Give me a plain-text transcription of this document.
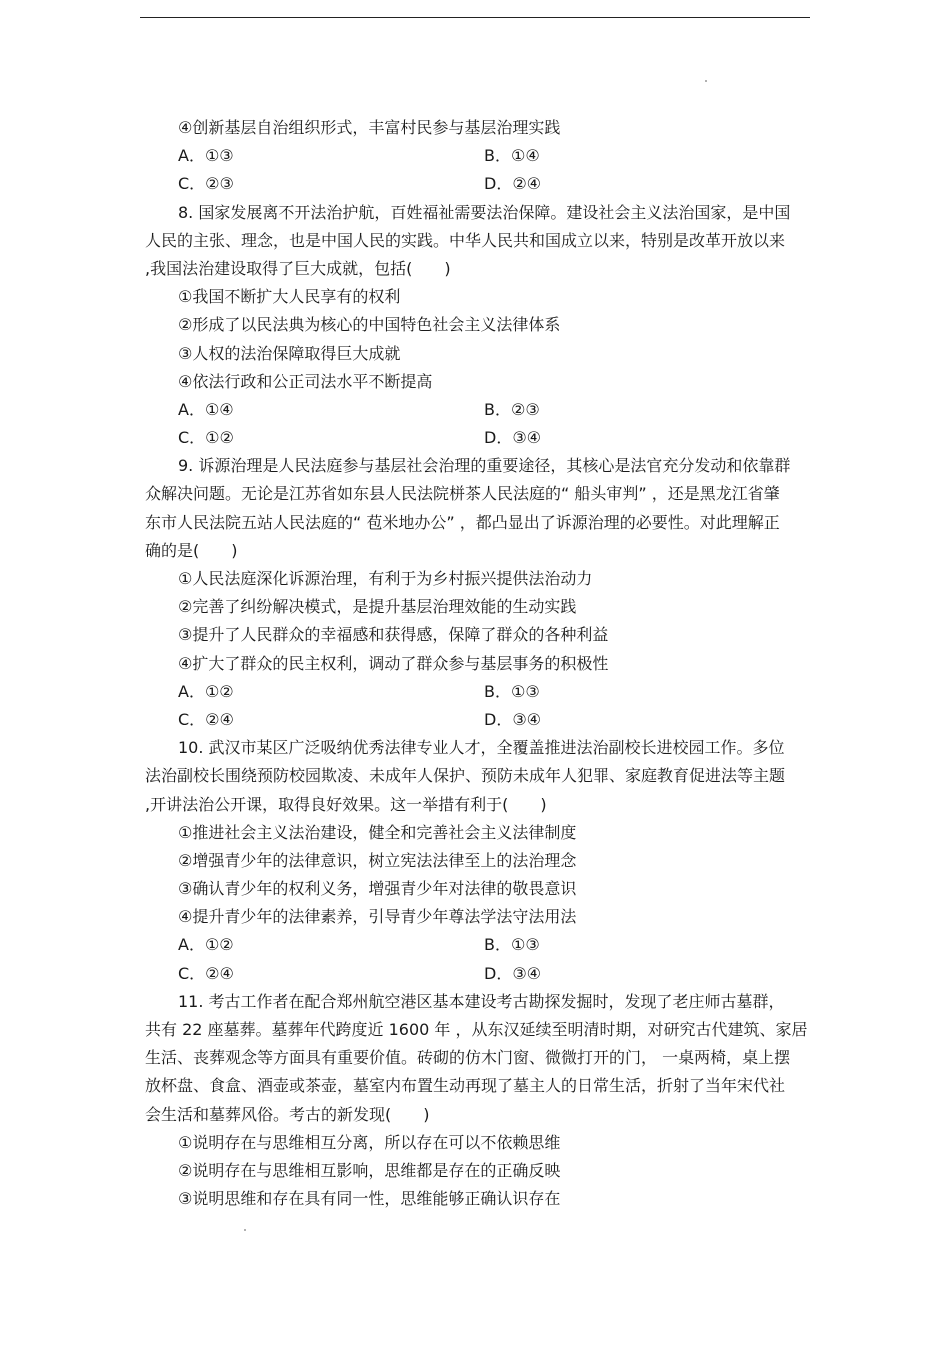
④创新基层自治组织形式，丰富村民参与基层治理实践
A．①③	B．①④
C．②③	D．②④
8. 国家发展离不开法治护航，百姓福祉需要法治保障。建设社会主义法治国家，是中国
人民的主张、理念，也是中国人民的实践。中华人民共和国成立以来，特别是改革开放以来
,我国法治建设取得了巨大成就，包括(　　)
①我国不断扩大人民享有的权利
②形成了以民法典为核心的中国特色社会主义法律体系
③人权的法治保障取得巨大成就
④依法行政和公正司法水平不断提高
A．①④	B．②③
C．①②	D．③④
9. 诉源治理是人民法庭参与基层社会治理的重要途径，其核心是法官充分发动和依靠群
众解决问题。无论是江苏省如东县人民法院栟茶人民法庭的“ 船头审判” ，还是黑龙江省肇
东市人民法院五站人民法庭的“ 苞米地办公” ，都凸显出了诉源治理的必要性。对此理解正
确的是(　　)
①人民法庭深化诉源治理，有利于为乡村振兴提供法治动力
②完善了纠纷解决模式，是提升基层治理效能的生动实践
③提升了人民群众的幸福感和获得感，保障了群众的各种利益
④扩大了群众的民主权利，调动了群众参与基层事务的积极性
A．①②	B．①③
C．②④	D．③④
10. 武汉市某区广泛吸纳优秀法律专业人才，全覆盖推进法治副校长进校园工作。多位
法治副校长围绕预防校园欺凌、未成年人保护、预防未成年人犯罪、家庭教育促进法等主题
,开讲法治公开课，取得良好效果。这一举措有利于(　　)
①推进社会主义法治建设，健全和完善社会主义法律制度
②增强青少年的法律意识，树立宪法法律至上的法治理念
③确认青少年的权利义务，增强青少年对法律的敬畏意识
④提升青少年的法律素养，引导青少年尊法学法守法用法
A．①②	B．①③
C．②④	D．③④
11. 考古工作者在配合郑州航空港区基本建设考古勘探发掘时，发现了老庄师古墓群，
共有 22 座墓葬。墓葬年代跨度近 1600 年 ，从东汉延续至明清时期，对研究古代建筑、家居
生活、丧葬观念等方面具有重要价值。砖砌的仿木门窗、微微打开的门， 一桌两椅，桌上摆
放杯盘、食盒、酒壶或茶壶，墓室内布置生动再现了墓主人的日常生活，折射了当年宋代社
会生活和墓葬风俗。考古的新发现(　　)
①说明存在与思维相互分离，所以存在可以不依赖思维
②说明存在与思维相互影响，思维都是存在的正确反映
③说明思维和存在具有同一性，思维能够正确认识存在
